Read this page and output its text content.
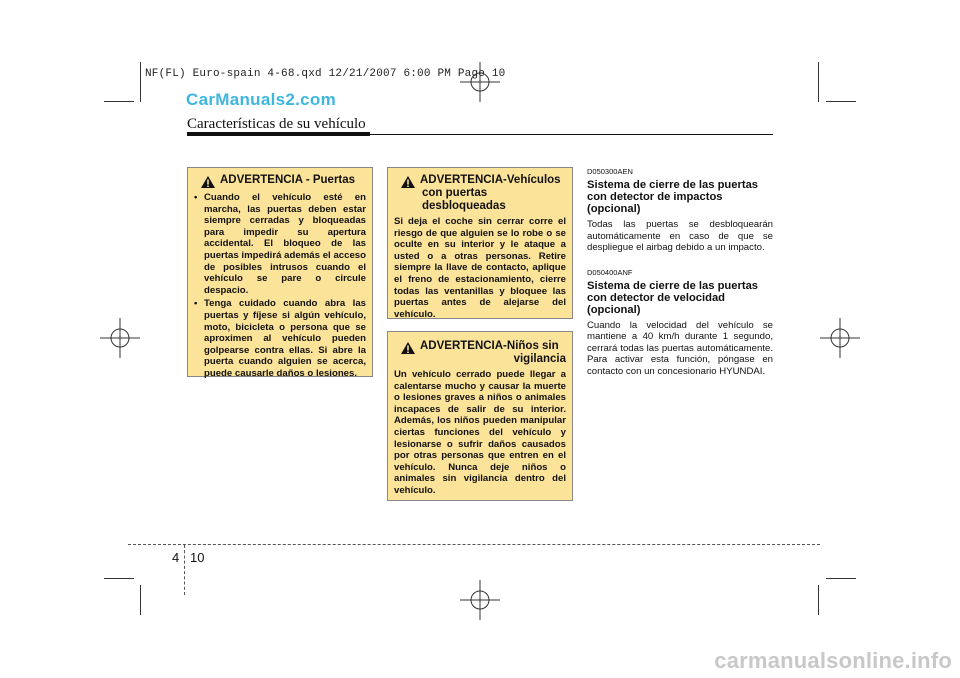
NF(FL) Euro-spain 4-68.qxd 12/21/2007 6:00 PM Page 10
CarManuals2.com
Características de su vehículo
ADVERTENCIA - Puertas
• Cuando el vehículo esté en marcha, las puertas deben estar siempre cerradas y bloqueadas para impedir su apertura accidental. El bloqueo de las puertas impedirá además el acceso de posibles intrusos cuando el vehículo se pare o circule despacio.
• Tenga cuidado cuando abra las puertas y fíjese si algún vehículo, moto, bicicleta o persona que se aproximen al vehículo pueden golpearse contra ellas. Si abre la puerta cuando alguien se acerca, puede causarle daños o lesiones.
ADVERTENCIA-Vehículos
con puertas desbloqueadas
Si deja el coche sin cerrar corre el riesgo de que alguien se lo robe o se oculte en su interior y le ataque a usted o a otras personas. Retire siempre la llave de contacto, aplique el freno de estacionamiento, cierre todas las ventanillas y bloquee las puertas antes de alejarse del vehículo.
ADVERTENCIA-Niños sin
vigilancia
Un vehículo cerrado puede llegar a calentarse mucho y causar la muerte o lesiones graves a niños o animales incapaces de salir de su interior. Además, los niños pueden manipular ciertas funciones del vehículo y lesionarse o sufrir daños causados por otras personas que entren en el vehículo. Nunca deje niños o animales sin vigilancia dentro del vehículo.
D050300AEN
Sistema de cierre de las puertas con detector de impactos (opcional)
Todas las puertas se desbloquearán automáticamente en caso de que se despliegue el airbag debido a un impacto.
D050400ANF
Sistema de cierre de las puertas con detector de velocidad (opcional)
Cuando la velocidad del vehículo se mantiene a 40 km/h durante 1 segundo, cerrará todas las puertas automáticamente. Para activar esta función, póngase en contacto con un concesionario HYUNDAI.
4 10
carmanualsonline.info
